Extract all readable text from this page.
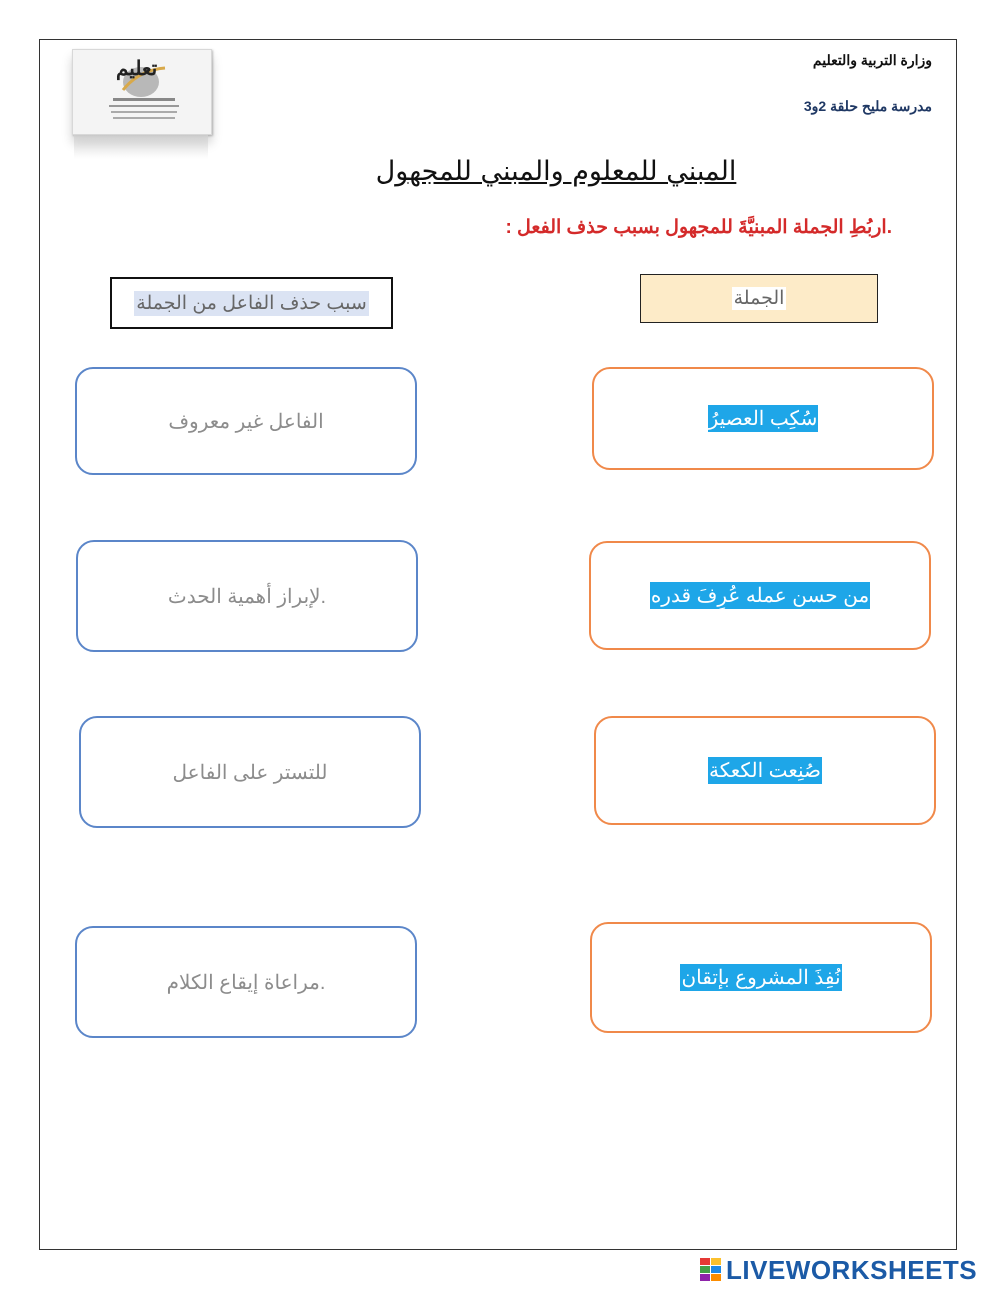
تعليم	وزارة التربية والتعليم
مدرسة مليح حلقة 2و3
المبني للمعلوم والمبني للمجهول
.اربُطِ الجملة المبنيَّةَ للمجهول بسبب حذف الفعل :
سبب حذف الفاعل من الجملة	الجملة
سُكِب العصيرُ
من حسن عمله عُرِفَ قدره
صُنِعت الكعكة
نُفِذَ المشروع بإتقان
الفاعل غير معروف
.لإبراز أهمية الحدث
للتستر على الفاعل
.مراعاة إيقاع الكلام
LIVEWORKSHEETS
